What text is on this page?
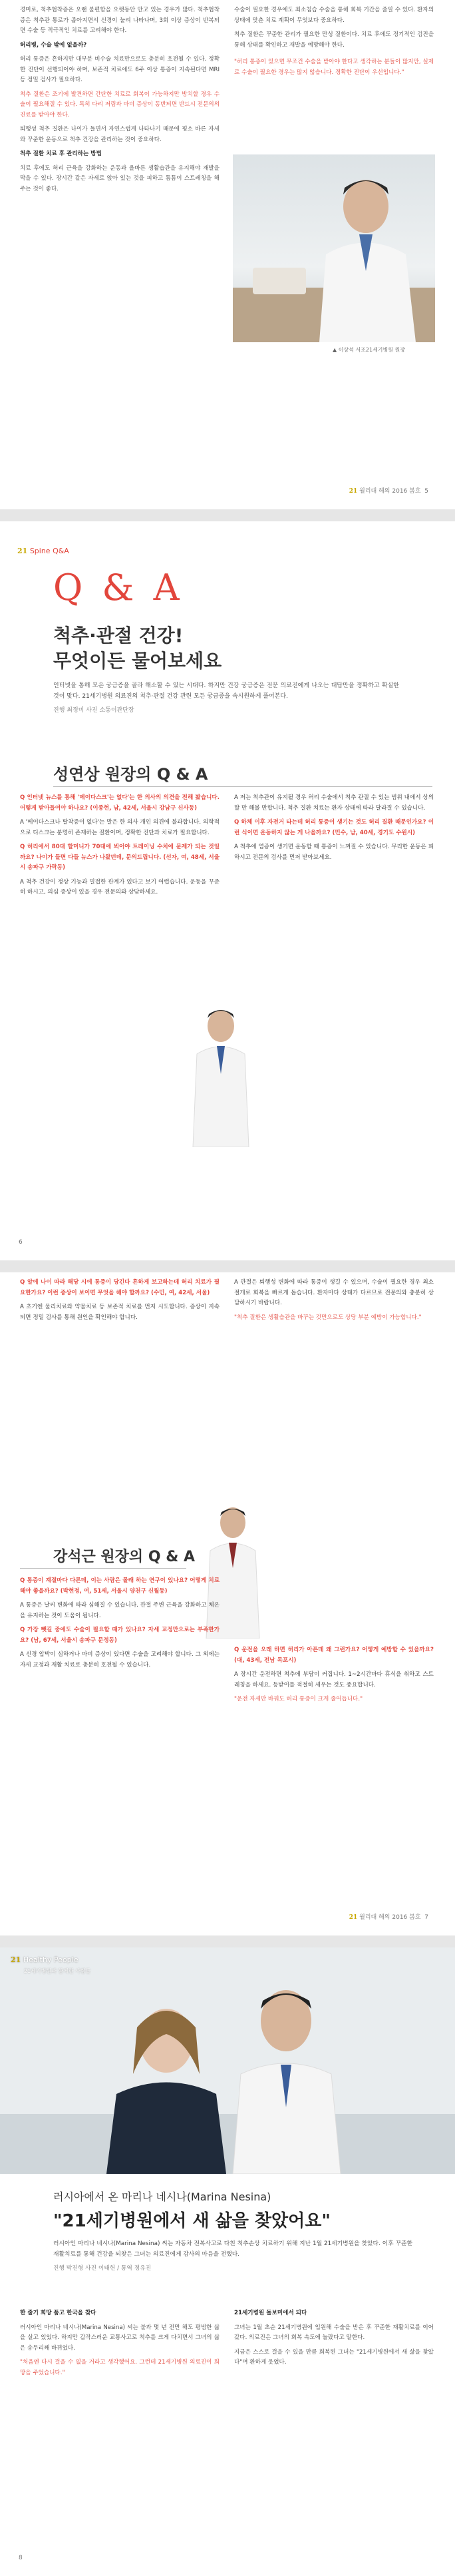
경미로, 척추협착증은 오랜 불편함을 오랫동안 안고 있는 경우가 많다. 척추협착증은 척추관 통로가 좁아지면서 신경이 눌려 나타나며, 3회 이상 증상이 반복되면 수술 등 적극적인 치료를 고려해야 한다.

허리병, 수술 밖에 없을까?

허리 통증은 흔하지만 대부분 비수술 치료만으로도 충분히 호전될 수 있다. 정확한 진단이 선행되어야 하며, 보존적 치료에도 6주 이상 통증이 지속된다면 MRI 등 정밀 검사가 필요하다.

척추 질환은 조기에 발견하면 간단한 치료로 회복이 가능하지만 방치할 경우 수술이 필요해질 수 있다. 특히 다리 저림과 마비 증상이 동반되면 반드시 전문의의 진료를 받아야 한다.

퇴행성 척추 질환은 나이가 들면서 자연스럽게 나타나기 때문에 평소 바른 자세와 꾸준한 운동으로 척추 건강을 관리하는 것이 중요하다.

척추 질환 치료 후 관리하는 방법

치료 후에도 허리 근육을 강화하는 운동과 올바른 생활습관을 유지해야 재발을 막을 수 있다. 장시간 같은 자세로 앉아 있는 것을 피하고 틈틈이 스트레칭을 해주는 것이 좋다.

수술이 필요한 경우에도 최소침습 수술을 통해 회복 기간을 줄일 수 있다. 환자의 상태에 맞춘 치료 계획이 무엇보다 중요하다.

척추 질환은 꾸준한 관리가 필요한 만성 질환이다. 치료 후에도 정기적인 검진을 통해 상태를 확인하고 재발을 예방해야 한다.

"허리 통증이 있으면 무조건 수술을 받아야 한다고 생각하는 분들이 많지만, 실제로 수술이 필요한 경우는 많지 않습니다. 정확한 진단이 우선입니다."

▲ 이상석 서조21세기병원 원장
21 월리대 해의 2016 봄호 5
21 Spine Q&A
Q & A
척추·관절 건강!
무엇이든 물어보세요

인터넷을 통해 모은 궁금증을 골라 해소할 수 있는 시대다. 하지만 건강 궁금증은 전문 의료진에게 나오는 대답만을 정확하고 확실한 것이 맞다. 21세기병원 의료진의 척추·관절 건강 관련 모든 궁금증을 속시원하게 풀어본다.

진행 최정미 사진 소통이관단장

성연상 원장의 Q & A

Q 인터넷 뉴스를 통해 '메이다스크'는 없다'는 한 의사의 의견을 전해 봤습니다. 어떻게 받아들여야 하나요? (이종현, 남, 42세, 서울시 강남구 신사동)

A '메이다스크나 탈착증이 없다'는 말은 한 의사 개인 의견에 불과합니다. 의학적으로 디스크는 분명히 존재하는 질환이며, 정확한 진단과 치료가 필요합니다.

Q 허리에서 80대 할머니가 70대에 뵈어야 트레이닝 수치에 문제가 되는 것일까요? 나이가 들면 다들 뉴스가 나왔던데, 문의드립니다. (선자, 여, 48세, 서울시 송파구 가락동)

A 척추 건강이 정상 기능과 밀접한 관계가 있다고 보기 어렵습니다. 운동을 꾸준히 하시고, 의심 증상이 있을 경우 전문의와 상담하세요.

A 저는 척추관이 유지될 경우 허리 수술에서 척추 관절 수 있는 범위 내에서 상의할 만 해볼 만합니다. 척추 질환 치료는 환자 상태에 따라 달라질 수 있습니다.

Q 하체 이후 자전거 타는데 허리 통증이 생기는 것도 허리 질환 때문인가요? 이런 식이면 운동하지 않는 게 나을까요? (민수, 남, 40세, 경기도 수원시)

A 척추에 염증이 생기면 운동할 때 통증이 느껴질 수 있습니다. 무리한 운동은 피하시고 전문의 검사를 먼저 받아보세요.

6

Q 알에 나이 따라 해당 시에 통증이 당긴다 흔하게 보고하는데 허리 치료가 필요한가요? 이런 증상이 보이면 무엇을 해야 할까요? (수민, 여, 42세, 서울)

A 초기엔 물리치료와 약물치료 등 보존적 치료를 먼저 시도합니다. 증상이 지속되면 정밀 검사를 통해 원인을 확인해야 합니다.

A 관절은 퇴행성 변화에 따라 통증이 생길 수 있으며, 수술이 필요한 경우 최소 절개로 회복을 빠르게 돕습니다. 환자마다 상태가 다르므로 전문의와 충분히 상담하시기 바랍니다.

"척추 질환은 생활습관을 바꾸는 것만으로도 상당 부분 예방이 가능합니다."

강석근 원장의 Q & A

Q 통증이 계절마다 다른데, 이는 사람은 몰래 하는 연구이 있나요? 어떻게 치료해야 좋을까요? (박현정, 여, 51세, 서울시 양천구 신월동)

A 통증은 날씨 변화에 따라 심해질 수 있습니다. 관절 주변 근육을 강화하고 체온을 유지하는 것이 도움이 됩니다.

Q 가장 뺏길 중에도 수술이 필요할 때가 있나요? 자세 교정만으로는 부족한가요? (남, 67세, 서울시 송파구 문정동)

A 신경 압박이 심하거나 마비 증상이 있다면 수술을 고려해야 합니다. 그 외에는 자세 교정과 재활 치료로 충분히 호전될 수 있습니다.

Q 운전을 오래 하면 허리가 아픈데 왜 그런가요? 어떻게 예방할 수 있을까요? (대, 43세, 전남 목포시)

A 장시간 운전하면 척추에 부담이 커집니다. 1~2시간마다 휴식을 취하고 스트레칭을 하세요. 등받이를 적절히 세우는 것도 중요합니다.

"운전 자세만 바꿔도 허리 통증이 크게 줄어듭니다."

21 월리대 해의 2016 봄호 7
21 Healthy People
21세기병원과 함께한 사람들
러시아에서 온 마리나 네시나(Marina Nesina)
"21세기병원에서 새 삶을 찾았어요"

러시아인 마리나 네시나(Marina Nesina) 씨는 자동차 전복사고로 다친 척추손상 치료하기 위해 지난 1월 21세기병원을 찾았다. 이후 꾸준한 재활치료를 통해 건강을 되찾은 그녀는 의료진에게 감사의 마음을 전했다.

진행 박진형 사진 이태헌 / 통역 정유진

한 줄기 희망 품고 한국을 찾다

러시아인 마리나 네시나(Marina Nesina) 씨는 불과 몇 년 전만 해도 평범한 삶을 살고 있었다. 하지만 갑작스러운 교통사고로 척추를 크게 다치면서 그녀의 삶은 송두리째 바뀌었다.

"처음엔 다시 걸을 수 없을 거라고 생각했어요. 그런데 21세기병원 의료진이 희망을 주었습니다."

21세기병원 돌보미에서 되다

그녀는 1월 초순 21세기병원에 입원해 수술을 받은 후 꾸준한 재활치료를 이어갔다. 의료진은 그녀의 회복 속도에 놀랐다고 말한다.

지금은 스스로 걸을 수 있을 만큼 회복된 그녀는 "21세기병원에서 새 삶을 찾았다"며 환하게 웃었다.

8
